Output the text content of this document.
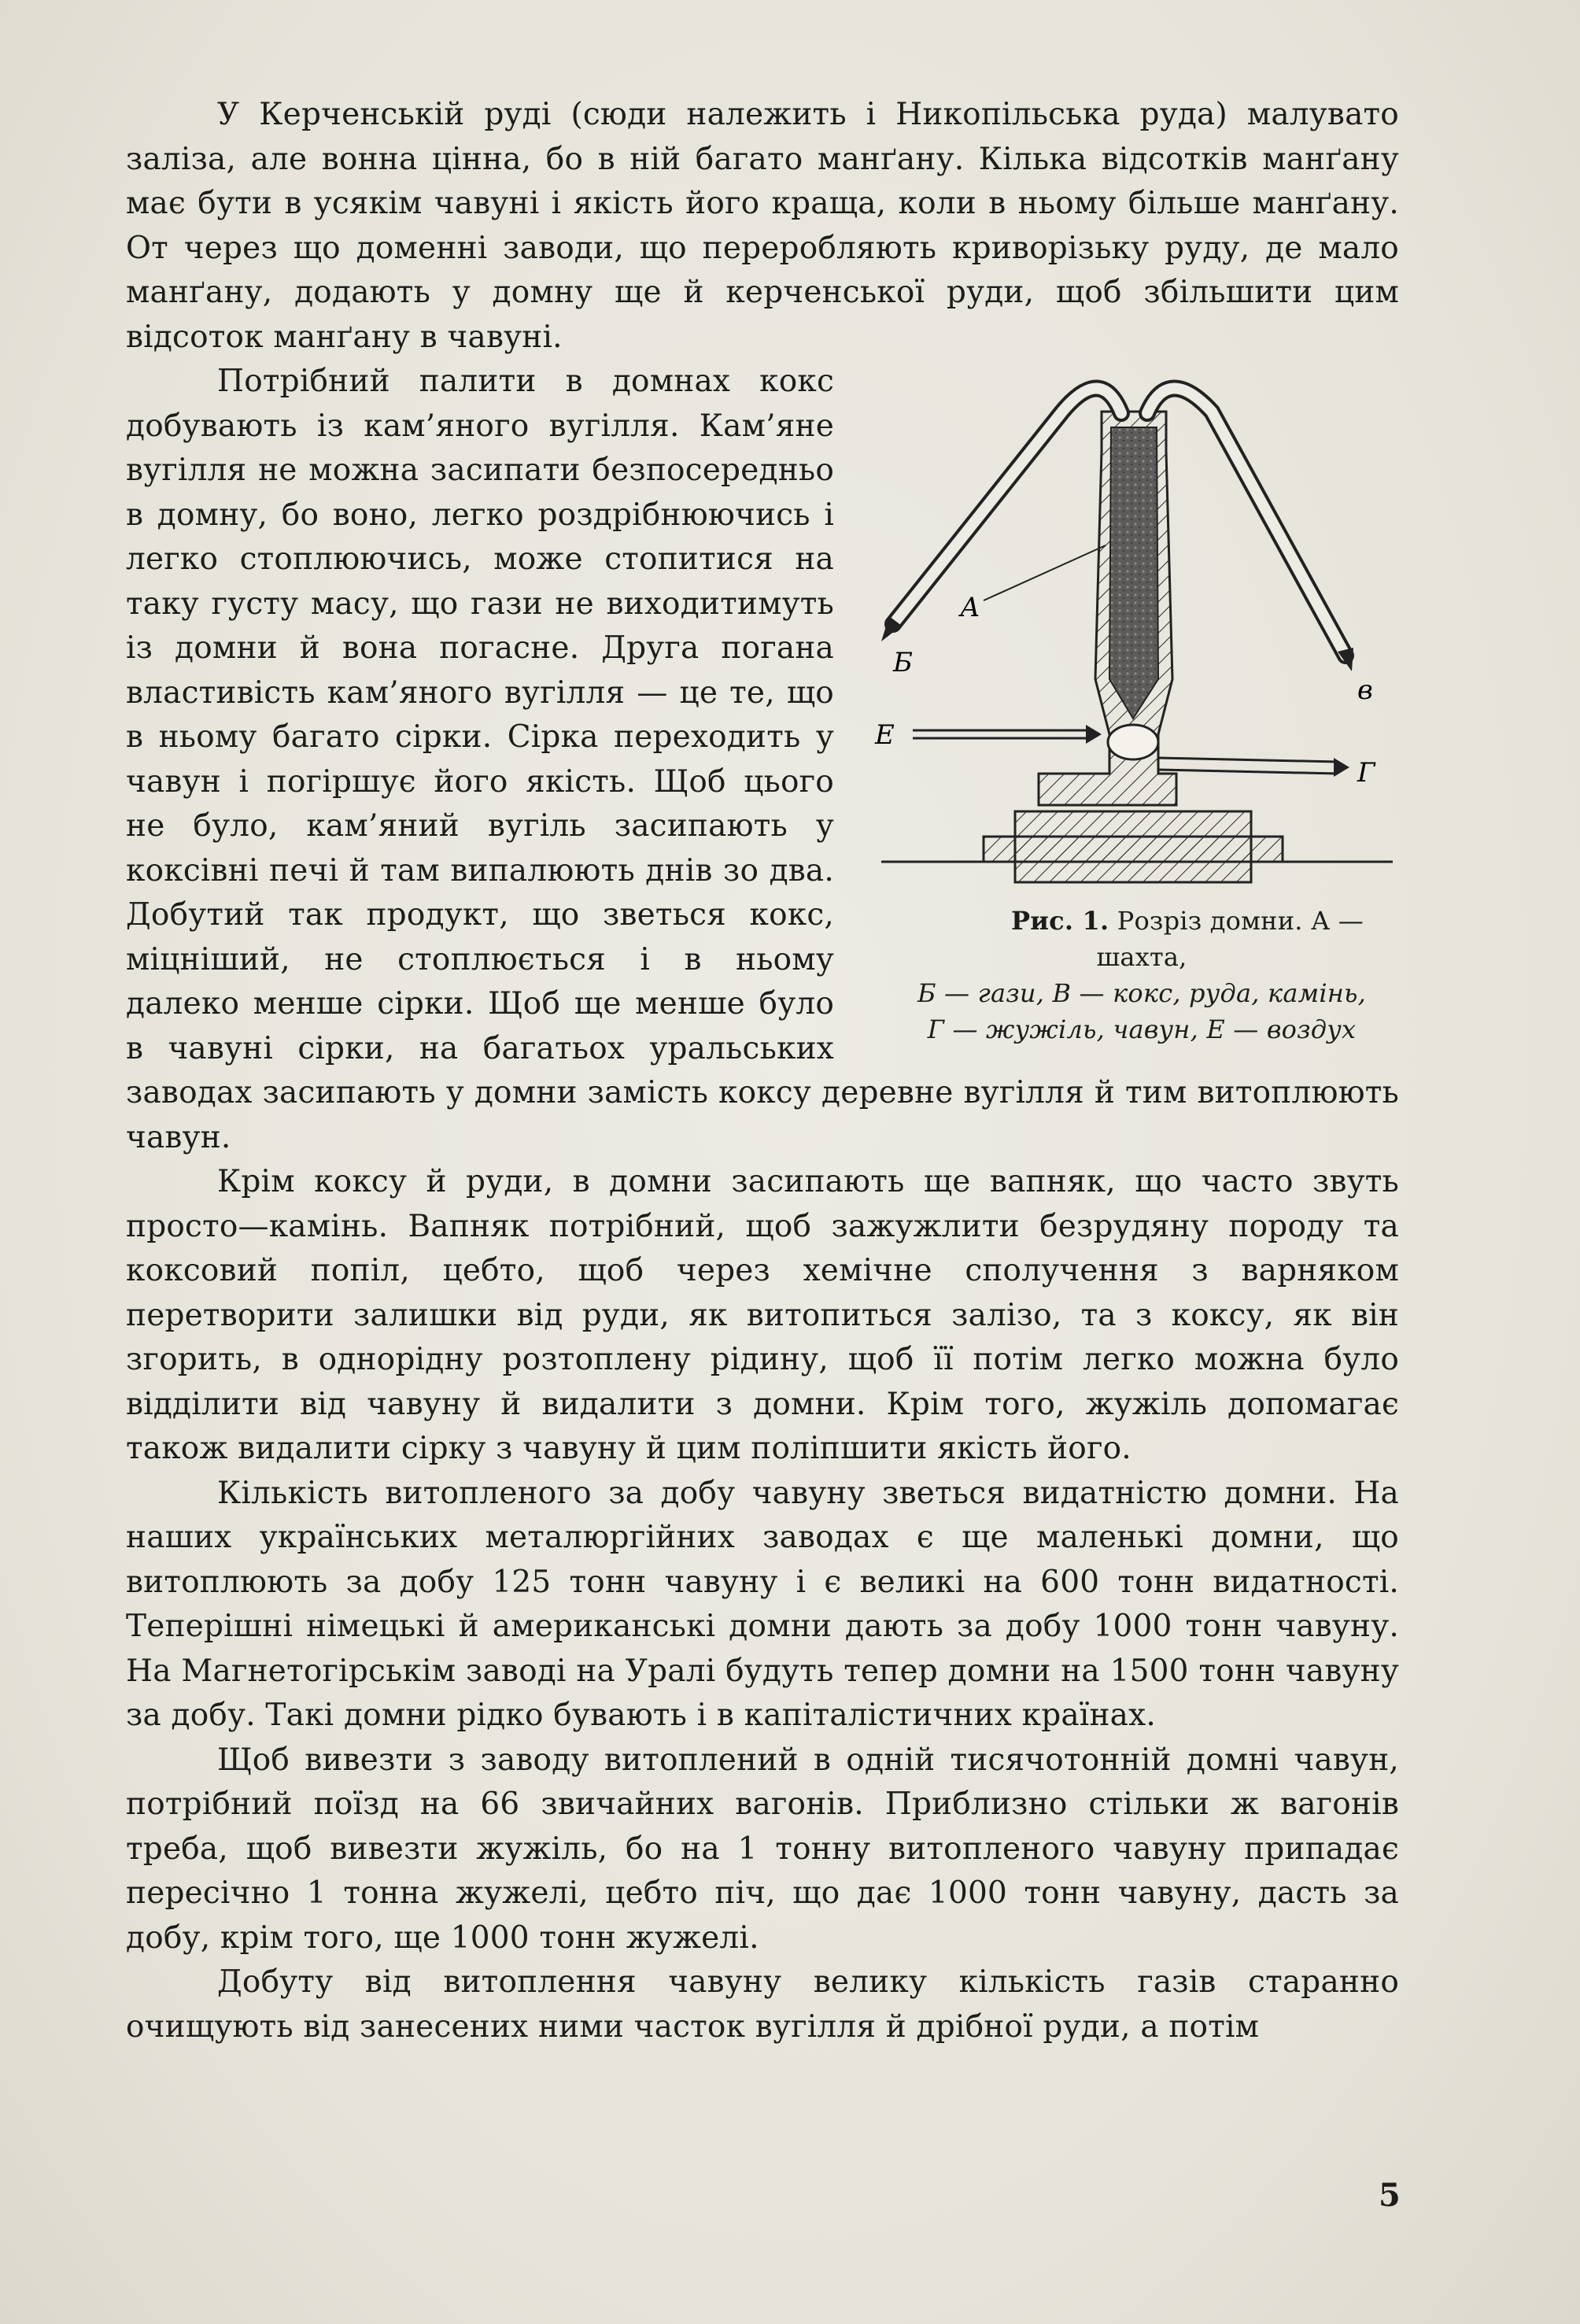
У Керченській руді (сюди належить і Никопільська руда) малувато заліза, але вонна цінна, бо в ній багато манґану. Кілька відсотків манґану має бути в усякім чавуні і якість його краща, коли в ньому більше манґану. От через що доменні заводи, що переробляють криворізьку руду, де мало манґану, додають у домну ще й керченської руди, щоб збільшити цим відсоток манґану в чавуні.

А
Б
в
Г
Е
Рис. 1. Розріз домни. А — шахта,
Б — гази, В — кокс, руда, камінь,
Г — жужіль, чавун, Е — воздух
Потрібний палити в домнах кокс добувають із кам’яного вугілля. Кам’яне вугілля не можна засипати безпосередньо в домну, бо воно, легко роздрібнюючись і легко стоплюючись, може стопитися на таку густу масу, що гази не виходитимуть із домни й вона погасне. Друга погана властивість кам’яного вугілля — це те, що в ньому багато сірки. Сірка переходить у чавун і погіршує його якість. Щоб цього не було, кам’яний вугіль засипають у коксівні печі й там випалюють днів зо два. Добутий так продукт, що зветься кокс, міцніший, не стоплюється і в ньому далеко менше сірки. Щоб ще менше було в чавуні сірки, на багатьох уральських заводах засипають у домни замість коксу деревне вугілля й тим витоплюють чавун.

Крім коксу й руди, в домни засипають ще вапняк, що часто звуть просто—камінь. Вапняк потрібний, щоб зажужлити безрудяну породу та коксовий попіл, цебто, щоб через хемічне сполучення з варняком перетворити залишки від руди, як витопиться залізо, та з коксу, як він згорить, в однорідну розтоплену рідину, щоб її потім легко можна було відділити від чавуну й видалити з домни. Крім того, жужіль допомагає також видалити сірку з чавуну й цим поліпшити якість його.

Кількість витопленого за добу чавуну зветься видатністю домни. На наших українських металюргійних заводах є ще маленькі домни, що витоплюють за добу 125 тонн чавуну і є великі на 600 тонн видатності. Теперішні німецькі й американські домни дають за добу 1000 тонн чавуну. На Магнетогірськім заводі на Уралі будуть тепер домни на 1500 тонн чавуну за добу. Такі домни рідко бувають і в капіталістичних країнах.

Щоб вивезти з заводу витоплений в одній тисячотонній домні чавун, потрібний поїзд на 66 звичайних вагонів. Приблизно стільки ж вагонів треба, щоб вивезти жужіль, бо на 1 тонну витопленого чавуну припадає пересічно 1 тонна жужелі, цебто піч, що дає 1000 тонн чавуну, дасть за добу, крім того, ще 1000 тонн жужелі.

Добуту від витоплення чавуну велику кількість газів старанно очищують від занесених ними часток вугілля й дрібної руди, а потім

5
